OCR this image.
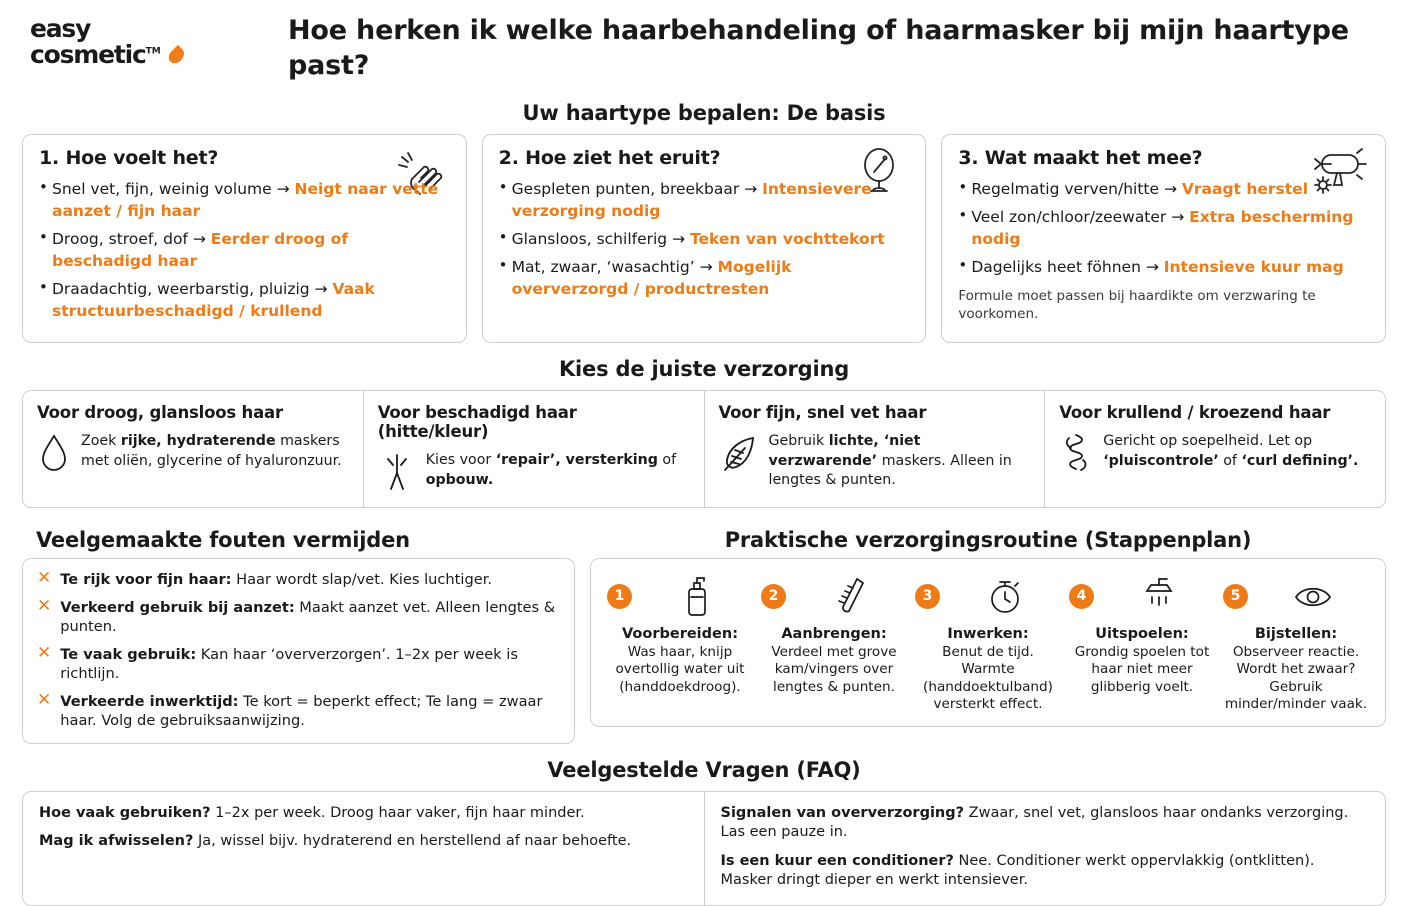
easy
cosmetic™
Hoe herken ik welke haarbehandeling of haarmasker bij mijn haartype past?
Uw haartype bepalen: De basis
1. Hoe voelt het?
• Snel vet, fijn, weinig volume → Neigt naar vette aanzet / fijn haar
• Droog, stroef, dof → Eerder droog of beschadigd haar
• Draadachtig, weerbarstig, pluizig → Vaak structuurbeschadigd / krullend
2. Hoe ziet het eruit?
• Gespleten punten, breekbaar → Intensievere verzorging nodig
• Glansloos, schilferig → Teken van vochttekort
• Mat, zwaar, ‘wasachtig’ → Mogelijk oververzorgd / productresten
3. Wat maakt het mee?
• Regelmatig verven/hitte → Vraagt herstel
• Veel zon/chloor/zeewater → Extra bescherming nodig
• Dagelijks heet föhnen → Intensieve kuur mag
Formule moet passen bij haardikte om verzwaring te voorkomen.
Kies de juiste verzorging
Voor droog, glansloos haar
Zoek rijke, hydraterende maskers met oliën, glycerine of hyaluronzuur.
Voor beschadigd haar (hitte/kleur)
Kies voor ‘repair’, versterking of opbouw.
Voor fijn, snel vet haar
Gebruik lichte, ‘niet verzwarende’ maskers. Alleen in lengtes & punten.
Voor krullend / kroezend haar
Gericht op soepelheid. Let op ‘pluiscontrole’ of ‘curl defining’.
Veelgemaakte fouten vermijden	Praktische verzorgingsroutine (Stappenplan)
✕ Te rijk voor fijn haar: Haar wordt slap/vet. Kies luchtiger.
✕ Verkeerd gebruik bij aanzet: Maakt aanzet vet. Alleen lengtes & punten.
✕ Te vaak gebruik: Kan haar ‘oververzorgen’. 1–2x per week is richtlijn.
✕ Verkeerde inwerktijd: Te kort = beperkt effect; Te lang = zwaar haar. Volg de gebruiksaanwijzing.
1
Voorbereiden:
Was haar, knijp overtollig water uit (handdoekdroog).
2
Aanbrengen:
Verdeel met grove kam/vingers over lengtes & punten.
3
Inwerken:
Benut de tijd. Warmte (handdoektulband) versterkt effect.
4
Uitspoelen:
Grondig spoelen tot haar niet meer glibberig voelt.
5
Bijstellen:
Observeer reactie. Wordt het zwaar? Gebruik minder/minder vaak.
Veelgestelde Vragen (FAQ)
Hoe vaak gebruiken? 1–2x per week. Droog haar vaker, fijn haar minder.
Mag ik afwisselen? Ja, wissel bijv. hydraterend en herstellend af naar behoefte.
Signalen van oververzorging? Zwaar, snel vet, glansloos haar ondanks verzorging. Las een pauze in.
Is een kuur een conditioner? Nee. Conditioner werkt oppervlakkig (ontklitten). Masker dringt dieper en werkt intensiever.
